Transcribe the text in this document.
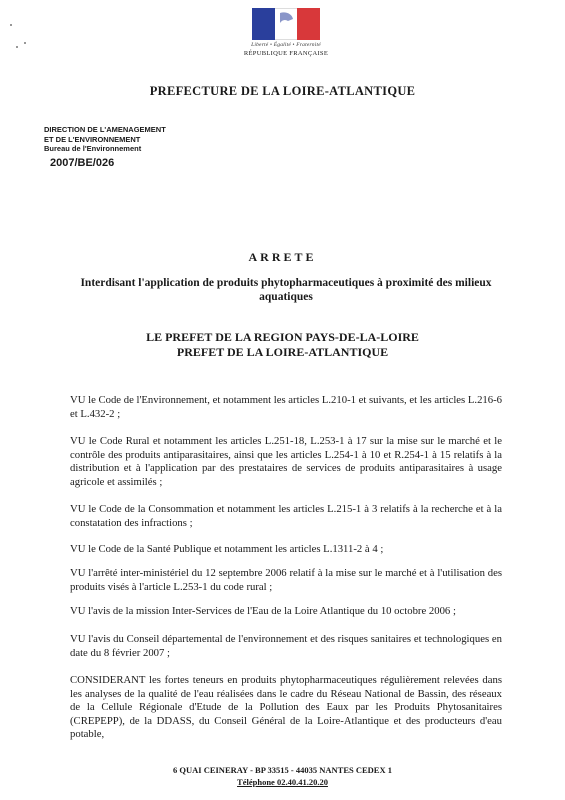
Liberté • Égalité • Fraternité
RÉPUBLIQUE FRANÇAISE
PREFECTURE DE LA LOIRE-ATLANTIQUE
DIRECTION DE L'AMENAGEMENT
ET DE L'ENVIRONNEMENT
Bureau de l'Environnement
2007/BE/026
ARRETE
Interdisant l'application de produits phytopharmaceutiques à proximité des milieux aquatiques
LE PREFET DE LA REGION PAYS-DE-LA-LOIRE
PREFET DE LA LOIRE-ATLANTIQUE
VU le Code de l'Environnement, et notamment les articles L.210-1 et suivants, et les articles L.216-6 et L.432-2 ;
VU le Code Rural et notamment les articles L.251-18, L.253-1 à 17 sur la mise sur le marché et le contrôle des produits antiparasitaires, ainsi que les articles L.254-1 à 10 et R.254-1 à 15 relatifs à la distribution et à l'application par des prestataires de services de produits antiparasitaires à usage agricole et assimilés ;
VU le Code de la Consommation et notamment les articles L.215-1 à 3 relatifs à la recherche et à la constatation des infractions ;
VU le Code de la Santé Publique et notamment les articles L.1311-2 à 4 ;
VU l'arrêté inter-ministériel du 12 septembre 2006 relatif à la mise sur le marché et à l'utilisation des produits visés à l'article L.253-1 du code rural ;
VU l'avis de la mission Inter-Services de l'Eau de la Loire Atlantique du 10 octobre 2006 ;
VU l'avis du Conseil départemental de l'environnement et des risques sanitaires et technologiques en date du 8 février 2007 ;
CONSIDERANT les fortes teneurs en produits phytopharmaceutiques régulièrement relevées dans les analyses de la qualité de l'eau réalisées dans le cadre du Réseau National de Bassin, des réseaux de la Cellule Régionale d'Etude de la Pollution des Eaux par les Produits Phytosanitaires (CREPEPP), de la DDASS, du Conseil Général de la Loire-Atlantique et des producteurs d'eau potable,
6 QUAI CEINERAY - BP 33515 - 44035 NANTES CEDEX 1
Téléphone 02.40.41.20.20
